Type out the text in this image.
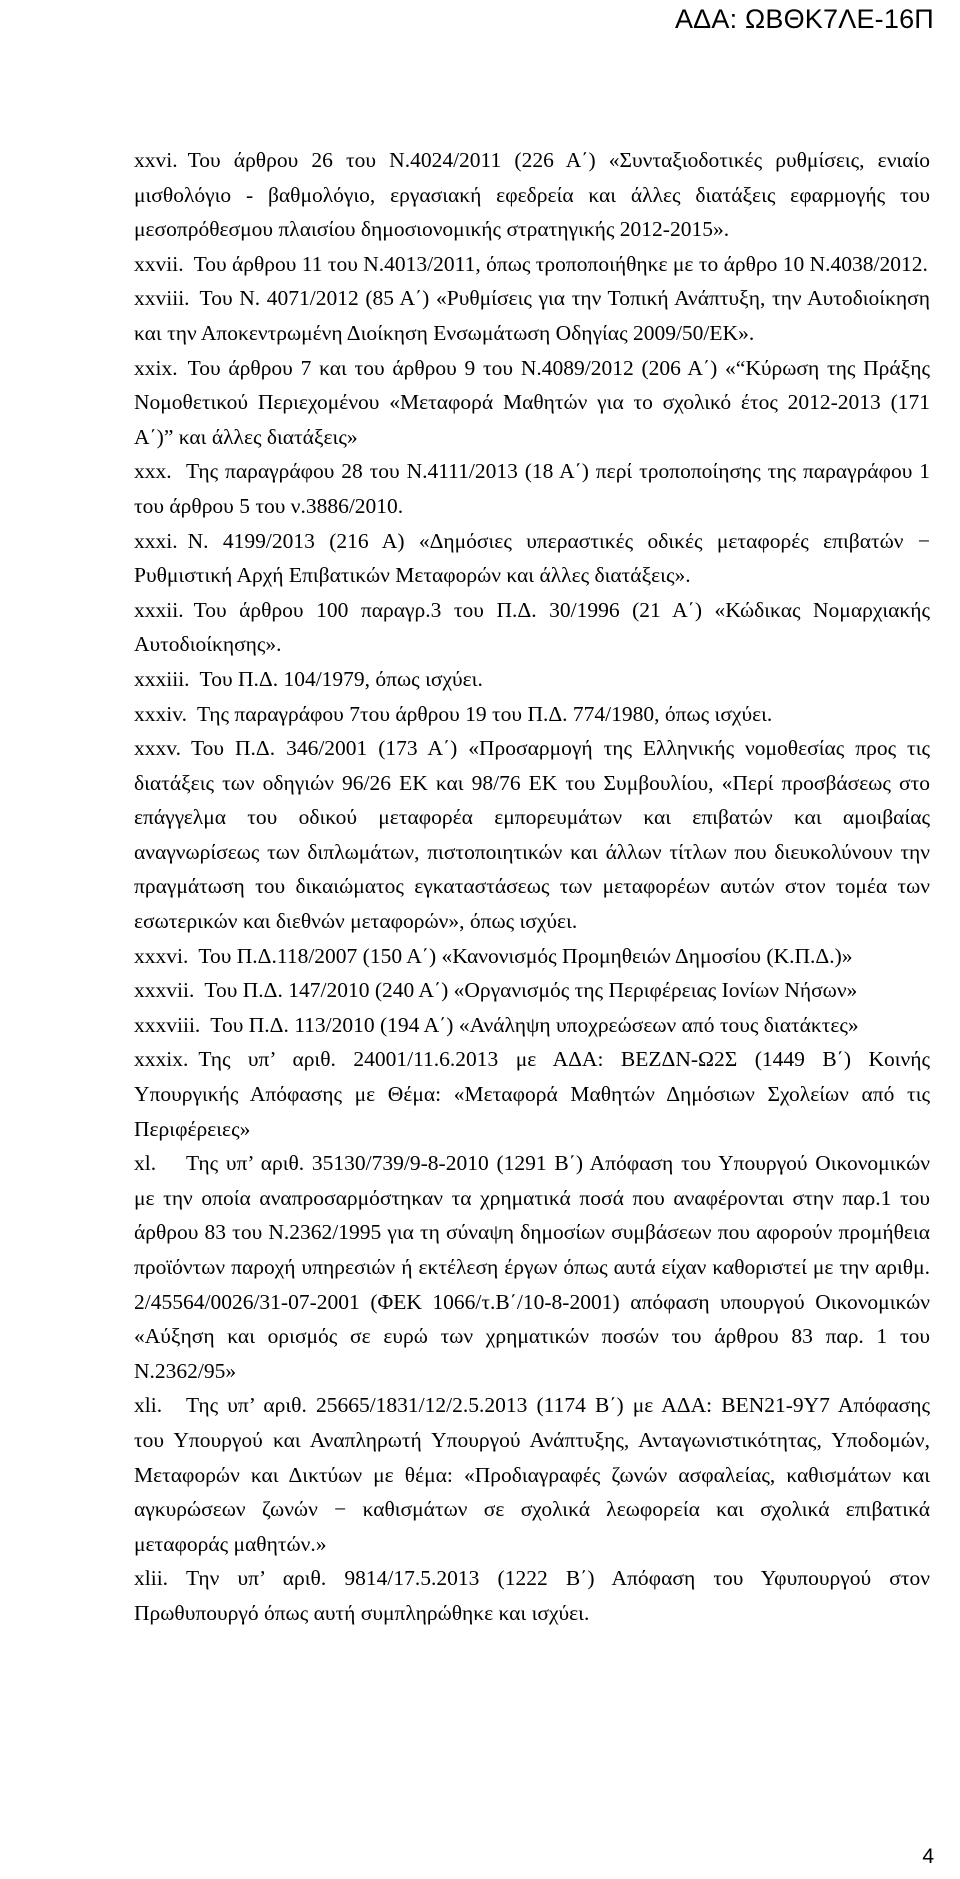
ΑΔΑ: ΩΒΘΚ7ΛΕ-16Π

xxvi. Του άρθρου 26 του Ν.4024/2011 (226 Α΄) «Συνταξιοδοτικές ρυθμίσεις, ενιαίο μισθολόγιο - βαθμολόγιο, εργασιακή εφεδρεία και άλλες διατάξεις εφαρμογής του μεσοπρόθεσμου πλαισίου δημοσιονομικής στρατηγικής 2012-2015».

xxvii. Του άρθρου 11 του Ν.4013/2011, όπως τροποποιήθηκε με το άρθρο 10 Ν.4038/2012.

xxviii. Του Ν. 4071/2012 (85 Α΄) «Ρυθμίσεις για την Τοπική Ανάπτυξη, την Αυτοδιοίκηση και την Αποκεντρωμένη Διοίκηση Ενσωμάτωση Οδηγίας 2009/50/ΕΚ».

xxix. Του άρθρου 7 και του άρθρου 9 του Ν.4089/2012 (206 Α΄) «“Κύρωση της Πράξης Νομοθετικού Περιεχομένου «Μεταφορά Μαθητών για το σχολικό έτος 2012-2013 (171 Α΄)” και άλλες διατάξεις»

xxx. Της παραγράφου 28 του Ν.4111/2013 (18 Α΄) περί τροποποίησης της παραγράφου 1 του άρθρου 5 του ν.3886/2010.

xxxi. Ν. 4199/2013 (216 Α) «Δημόσιες υπεραστικές οδικές μεταφορές επιβατών − Ρυθμιστική Αρχή Επιβατικών Μεταφορών και άλλες διατάξεις».

xxxii. Του άρθρου 100 παραγρ.3 του Π.Δ. 30/1996 (21 Α΄) «Κώδικας Νομαρχιακής Αυτοδιοίκησης».

xxxiii. Του Π.Δ. 104/1979, όπως ισχύει.

xxxiv. Της παραγράφου 7του άρθρου 19 του Π.Δ. 774/1980, όπως ισχύει.

xxxv. Του Π.Δ. 346/2001 (173 Α΄) «Προσαρμογή της Ελληνικής νομοθεσίας προς τις διατάξεις των οδηγιών 96/26 ΕΚ και 98/76 ΕΚ του Συμβουλίου, «Περί προσβάσεως στο επάγγελμα του οδικού μεταφορέα εμπορευμάτων και επιβατών και αμοιβαίας αναγνωρίσεως των διπλωμάτων, πιστοποιητικών και άλλων τίτλων που διευκολύνουν την πραγμάτωση του δικαιώματος εγκαταστάσεως των μεταφορέων αυτών στον τομέα των εσωτερικών και διεθνών μεταφορών», όπως ισχύει.

xxxvi. Του Π.Δ.118/2007 (150 Α΄) «Κανονισμός Προμηθειών Δημοσίου (Κ.Π.Δ.)»

xxxvii. Του Π.Δ. 147/2010 (240 Α΄) «Οργανισμός της Περιφέρειας Ιονίων Νήσων»

xxxviii. Του Π.Δ. 113/2010 (194 Α΄) «Ανάληψη υποχρεώσεων από τους διατάκτες»

xxxix. Της υπ’ αριθ. 24001/11.6.2013 με ΑΔΑ: ΒΕΖΔΝ-Ω2Σ (1449 Β΄) Κοινής Υπουργικής Απόφασης με Θέμα: «Μεταφορά Μαθητών Δημόσιων Σχολείων από τις Περιφέρειες»

xl. Της υπ’ αριθ. 35130/739/9-8-2010 (1291 Β΄) Απόφαση του Υπουργού Οικονομικών με την οποία αναπροσαρμόστηκαν τα χρηματικά ποσά που αναφέρονται στην παρ.1 του άρθρου 83 του Ν.2362/1995 για τη σύναψη δημοσίων συμβάσεων που αφορούν προμήθεια προϊόντων παροχή υπηρεσιών ή εκτέλεση έργων όπως αυτά είχαν καθοριστεί με την αριθμ. 2/45564/0026/31-07-2001 (ΦΕΚ 1066/τ.Β΄/10-8-2001) απόφαση υπουργού Οικονομικών «Αύξηση και ορισμός σε ευρώ των χρηματικών ποσών του άρθρου 83 παρ. 1 του Ν.2362/95»

xli. Της υπ’ αριθ. 25665/1831/12/2.5.2013 (1174 Β΄) με ΑΔΑ: ΒΕΝ21-9Υ7 Απόφασης του Υπουργού και Αναπληρωτή Υπουργού Ανάπτυξης, Ανταγωνιστικότητας, Υποδομών, Μεταφορών και Δικτύων με θέμα: «Προδιαγραφές ζωνών ασφαλείας, καθισμάτων και αγκυρώσεων ζωνών − καθισμάτων σε σχολικά λεωφορεία και σχολικά επιβατικά μεταφοράς μαθητών.»

xlii. Την υπ’ αριθ. 9814/17.5.2013 (1222 Β΄) Απόφαση του Υφυπουργού στον Πρωθυπουργό όπως αυτή συμπληρώθηκε και ισχύει.

4
